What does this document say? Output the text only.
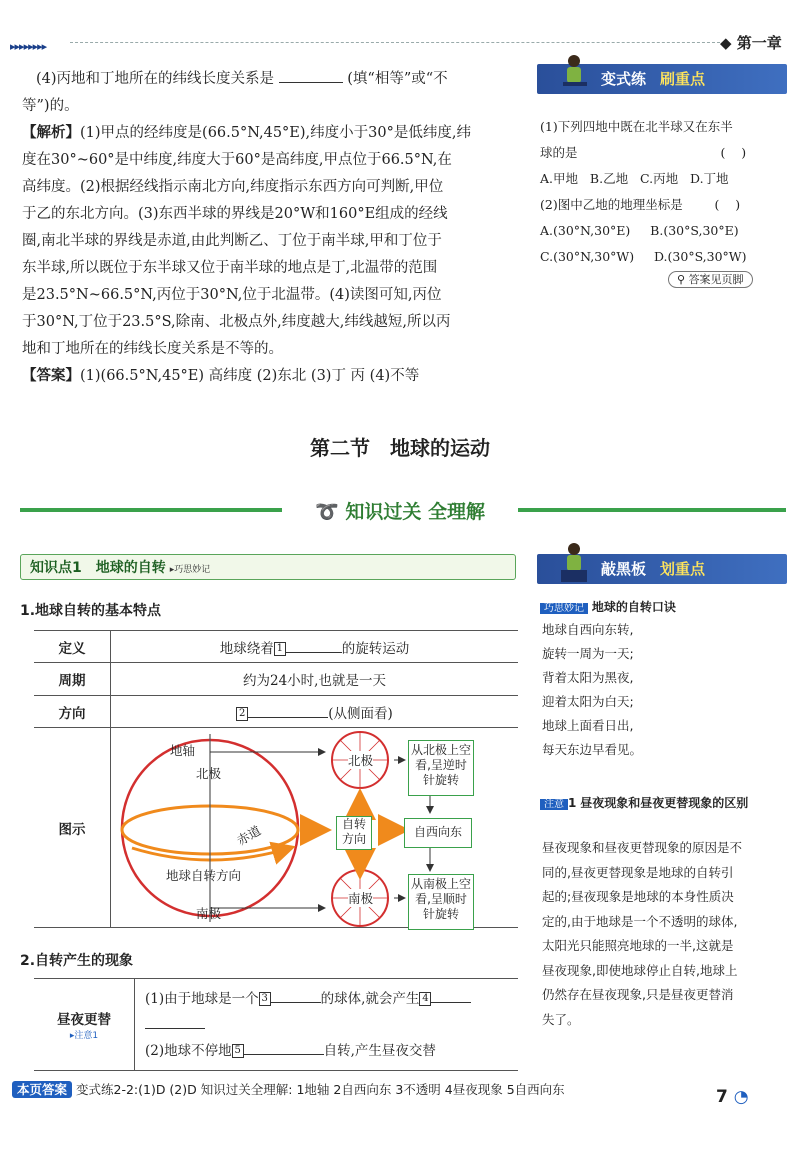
▸▸▸▸▸▸▸▸	◆ 第一章
(4)丙地和丁地所在的纬线长度关系是	(填“相等”或“不
等”)的。
【解析】(1)甲点的经纬度是(66.5°N,45°E),纬度小于30°是低纬度,纬
度在30°~60°是中纬度,纬度大于60°是高纬度,甲点位于66.5°N,在
高纬度。(2)根据经线指示南北方向,纬度指示东西方向可判断,甲位
于乙的东北方向。(3)东西半球的界线是20°W和160°E组成的经线
圈,南北半球的界线是赤道,由此判断乙、丁位于南半球,甲和丁位于
东半球,所以既位于东半球又位于南半球的地点是丁,北温带的范围
是23.5°N~66.5°N,丙位于30°N,位于北温带。(4)读图可知,丙位
于30°N,丁位于23.5°S,除南、北极点外,纬度越大,纬线越短,所以丙
地和丁地所在的纬线长度关系是不等的。
【答案】(1)(66.5°N,45°E) 高纬度 (2)东北 (3)丁 丙 (4)不等
变式练 刷重点
(1)下列四地中既在北半球又在东半
球的是                                    (    )
A.甲地   B.乙地   C.丙地   D.丁地
(2)图中乙地的地理坐标是        (    )
A.(30°N,30°E)     B.(30°S,30°E)
C.(30°N,30°W)     D.(30°S,30°W)
⚲ 答案见页脚
第二节　地球的运动
➰ 知识过关 全理解
知识点1　地球的自转 ▸巧思妙记
1.地球自转的基本特点
定义	地球绕着 1 的旋转运动
周期	约为24小时,也就是一天
方向	2 (从侧面看)
图示	
地轴
北极
南极
赤道
地球自转方向
北极
南极
自转方向	自西向东
从北极上空看,呈逆时针旋转
从南极上空看,呈顺时针旋转
2.自转产生的现象
昼夜更替
▸注意1

(1)由于地球是一个 3	的球体,就会产生 4
(2)地球不停地 5	自转,产生昼夜交替
敲黑板 划重点
巧思妙记 地球的自转口诀
地球自西向东转,
旋转一周为一天;
背着太阳为黑夜,
迎着太阳为白天;
地球上面看日出,
每天东边早看见。
注意 1 昼夜现象和昼夜更替现象的区别
昼夜现象和昼夜更替现象的原因是不
同的,昼夜更替现象是地球的自转引
起的;昼夜现象是地球的本身性质决
定的,由于地球是一个不透明的球体,
太阳光只能照亮地球的一半,这就是
昼夜现象,即使地球停止自转,地球上
仍然存在昼夜现象,只是昼夜更替消
失了。
本页答案 变式练2-2:(1)D (2)D 知识过关全理解: 1地轴 2自西向东 3不透明 4昼夜现象 5自西向东	7 ◔
